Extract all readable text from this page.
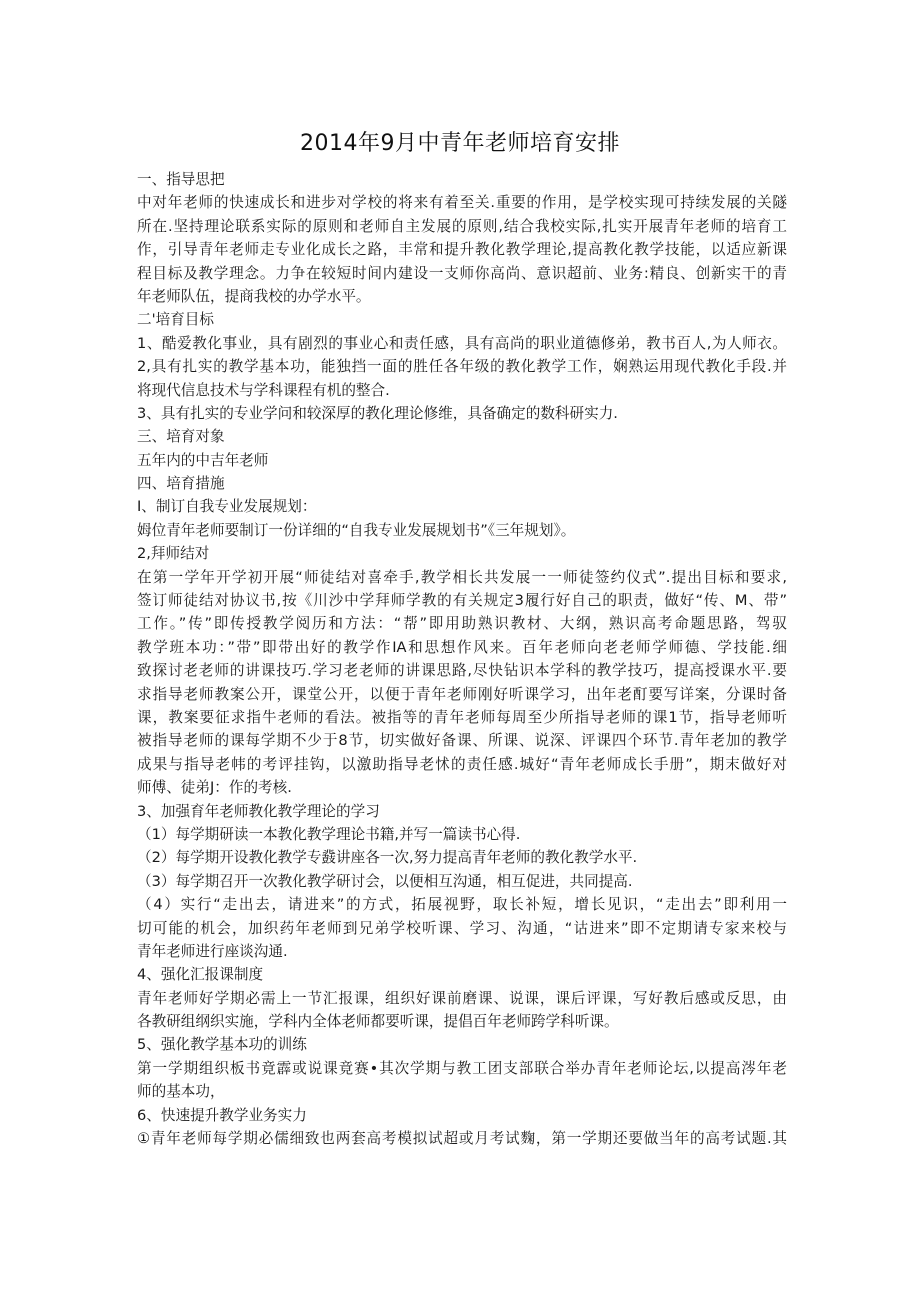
2014年9月中青年老师培育安排
一、指导思把
中对年老师的快速成长和进步对学校的将来有着至关.重要的作用，是学校实现可持续发展的关隧
所在.坚持理论联系实际的原则和老师自主发展的原则,结合我校实际,扎实开展青年老师的培育工
作，引导青年老师走专业化成长之路，丰常和提升教化教学理论,提高教化教学技能，以适应新课
程目标及教学理念。力争在较短时间内建设一支师你高尚、意识超前、业务:精良、创新实干的青
年老师队伍，提商我校的办学水平。
二'培育目标
1、酷爱教化事业，具有剧烈的事业心和责任感，具有高尚的职业道德修弟，教书百人,为人师衣。
2,具有扎实的教学基本功，能独挡一面的胜任各年级的教化教学工作，娴熟运用现代教化手段.并
将现代信息技术与学科课程有机的整合.
3、具有扎实的专业学问和较深厚的教化理论修维，具备确定的数科研实力.
三、培育对象
五年内的中吉年老师
四、培育措施
I、制订自我专业发展规划：
姆位青年老师要制订一份详细的“自我专业发展规划书”《三年规划》。
2,拜师结对
在第一学年开学初开展“师徒结对喜牵手,教学相长共发展一一师徒签约仪式”.提出目标和要求,
签订师徒结对协议书,按《川沙中学拜师学教的有关规定3履行好自己的职责，做好“传、M、带”
工作。”传”即传授教学阅历和方法：“帮”即用助熟识教材、大纲，熟识高考命题思路，驾驭
教学班本功：”带”即带出好的教学作IA和思想作风来。百年老师向老老师学师德、学技能.细
致探讨老老师的讲课技巧.学习老老师的讲课思路,尽快钻识本学科的教学技巧，提高授课水平.要
求指导老师教案公开，课堂公开，以便于青年老师刚好听课学习，出年老酊要写详案，分课时备
课，教案要征求指牛老师的看法。被指等的青年老师每周至少所指导老师的课1节，指导老师听
被指导老师的课每学期不少于8节，切实做好备课、所课、说深、评课四个环节.青年老加的教学
成果与指导老帏的考评挂钩，以激助指导老怵的责任感.城好“青年老师成长手册”，期末做好对
师傅、徒弟J：作的考核.
3、加强育年老师教化教学理论的学习
（1）每学期研读一本教化教学理论书籍,并写一篇读书心得.
（2）每学期开设教化教学专鼗讲座各一次,努力提高青年老师的教化教学水平.
（3）每学期召开一次教化教学研讨会，以便相互沟通，相互促进，共同提高.
（4）实行“走出去，请进来”的方式，拓展视野，取长补短，增长见识，“走出去”即利用一
切可能的机会，加织药年老师到兄弟学校听课、学习、沟通，“诂进来”即不定期请专家来校与
青年老师进行座谈沟通.
4、强化汇报课制度
青年老师好学期必需上一节汇报课，组织好课前磨课、说课，课后评课，写好教后感或反思，由
各教研组纲织实施，学科内全体老师都要听课，提倡百年老师跨学科听课。
5、强化教学基本功的训练
第一学期组织板书竟霹或说课竟赛•其次学期与教工团支部联合举办青年老师论坛,以提高涔年老
师的基本功，
6、快速提升教学业务实力
①青年老师每学期必儒细致也两套高考模拟试超或月考试麴，第一学期还要做当年的高考试题.其
